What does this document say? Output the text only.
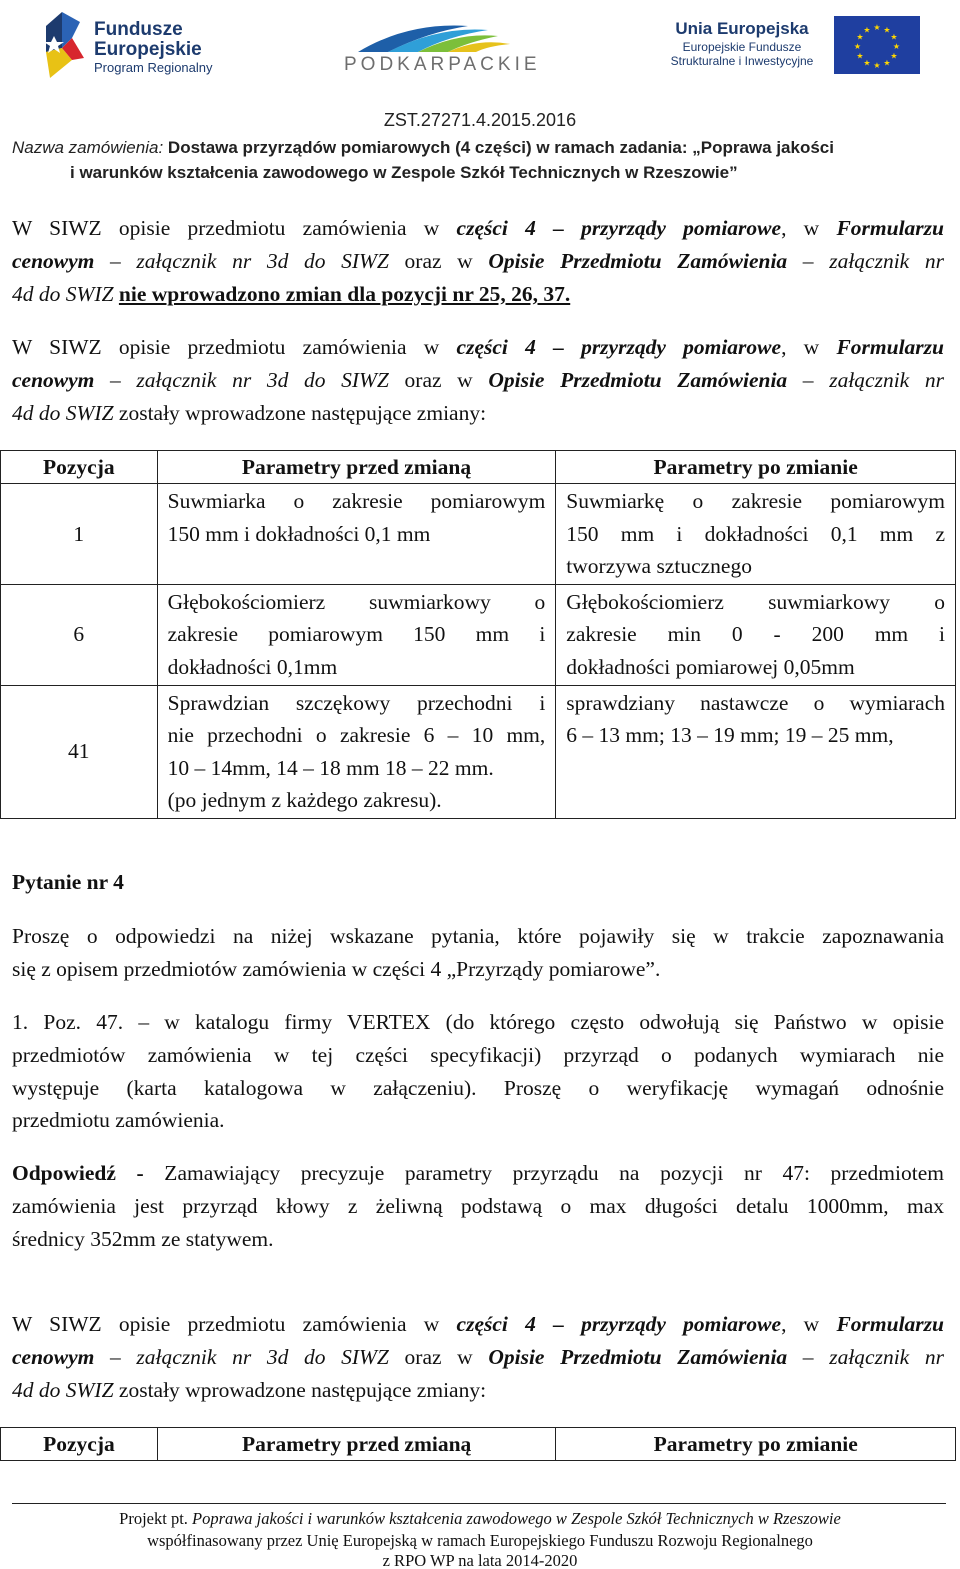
Fundusze
Europejskie
Program Regionalny	PODKARPACKIE
Unia Europejska
Europejskie Fundusze
Strukturalne i Inwestycyjne
★ ★
★
★
★
★
★
★
★
★
★
★
ZST.27271.4.2015.2016
Nazwa zamówienia: Dostawa przyrządów pomiarowych (4 części) w ramach zadania: „Poprawa jakości
i warunków kształcenia zawodowego w Zespole Szkół Technicznych w Rzeszowie”
W SIWZ opisie przedmiotu zamówienia w części 4 – przyrządy pomiarowe, w Formularzu
cenowym – załącznik nr 3d do SIWZ oraz w Opisie Przedmiotu Zamówienia – załącznik nr
4d do SWIZ nie wprowadzono zmian dla pozycji nr 25, 26, 37.
W SIWZ opisie przedmiotu zamówienia w części 4 – przyrządy pomiarowe, w Formularzu
cenowym – załącznik nr 3d do SIWZ oraz w Opisie Przedmiotu Zamówienia – załącznik nr
4d do SWIZ zostały wprowadzone następujące zmiany:
Pozycja	Parametry przed zmianą	Parametry po zmianie
1	Suwmiarka o zakresie pomiarowym
150 mm i dokładności 0,1 mm	Suwmiarkę o zakresie pomiarowym
150 mm i dokładności 0,1 mm z
tworzywa sztucznego

6	Głębokościomierz suwmiarkowy o
zakresie pomiarowym 150 mm i
dokładności 0,1mm	Głębokościomierz suwmiarkowy o
zakresie min 0 - 200 mm i
dokładności pomiarowej 0,05mm

41	Sprawdzian szczękowy przechodni i
nie przechodni o zakresie 6 – 10 mm,
10 – 14mm, 14 – 18 mm 18 – 22 mm.
(po jednym z każdego zakresu).	sprawdziany nastawcze o wymiarach
6 – 13 mm; 13 – 19 mm; 19 – 25 mm,
Pytanie nr 4
Proszę o odpowiedzi na niżej wskazane pytania, które pojawiły się w trakcie zapoznawania
się z opisem przedmiotów zamówienia w części 4 „Przyrządy pomiarowe”.
1. Poz. 47. – w katalogu firmy VERTEX (do którego często odwołują się Państwo w opisie
przedmiotów zamówienia w tej części specyfikacji) przyrząd o podanych wymiarach nie
występuje (karta katalogowa w załączeniu). Proszę o weryfikację wymagań odnośnie
przedmiotu zamówienia.
Odpowiedź - Zamawiający precyzuje parametry przyrządu na pozycji nr 47: przedmiotem
zamówienia jest przyrząd kłowy z żeliwną podstawą o max długości detalu 1000mm, max
średnicy 352mm ze statywem.
W SIWZ opisie przedmiotu zamówienia w części 4 – przyrządy pomiarowe, w Formularzu
cenowym – załącznik nr 3d do SIWZ oraz w Opisie Przedmiotu Zamówienia – załącznik nr
4d do SWIZ zostały wprowadzone następujące zmiany:
Pozycja	Parametry przed zmianą	Parametry po zmianie
Projekt pt. Poprawa jakości i warunków kształcenia zawodowego w Zespole Szkół Technicznych w Rzeszowie
współfinasowany przez Unię Europejską w ramach Europejskiego Funduszu Rozwoju Regionalnego
z RPO WP na lata 2014-2020
